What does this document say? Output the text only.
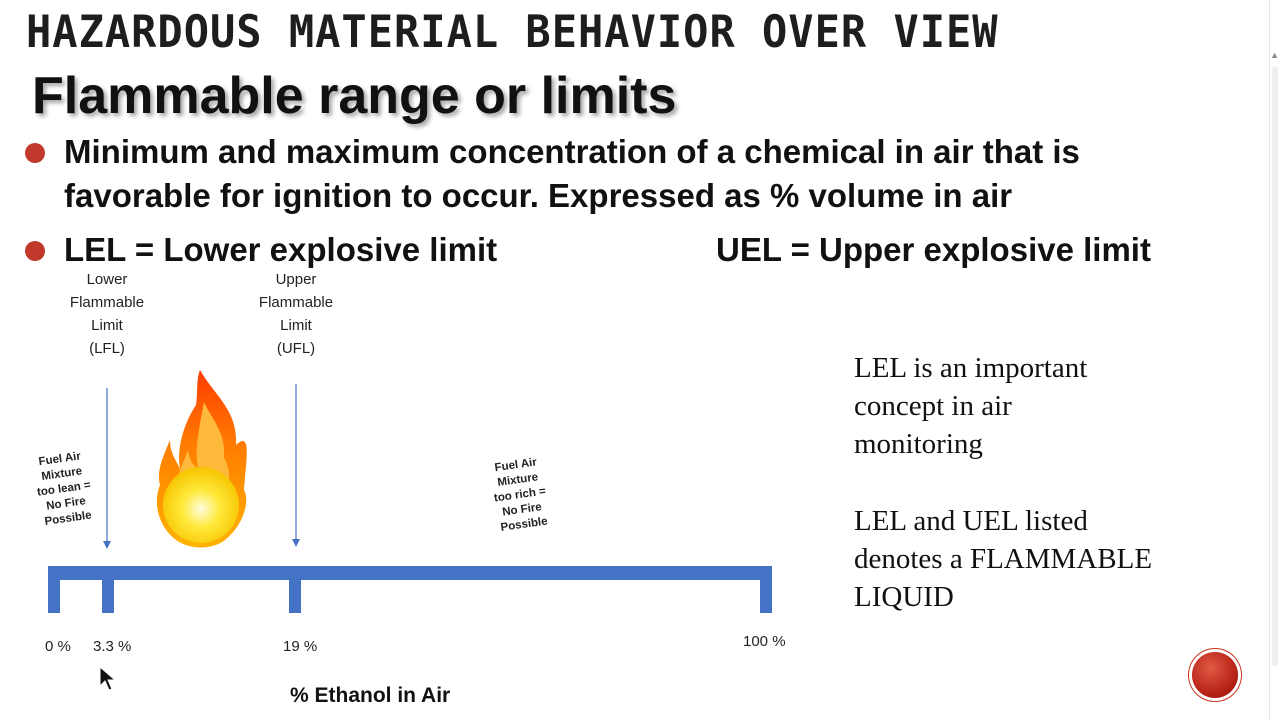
▲
HAZARDOUS MATERIAL BEHAVIOR OVER VIEW
Flammable range or limits
Minimum and maximum concentration of a chemical in air that is
favorable for ignition to occur. Expressed as % volume in air
LEL = Lower explosive limit	UEL = Upper explosive limit
Lower
Flammable
Limit
(LFL)
Upper
Flammable
Limit
(UFL)
Fuel Air
Mixture
too lean =
No Fire
Possible
Fuel Air
Mixture
too rich =
No Fire
Possible
0 % 3.3 %	19 %	100 %
% Ethanol in Air
LEL is an important
concept in air
monitoring
LEL and UEL listed
denotes a FLAMMABLE
LIQUID
